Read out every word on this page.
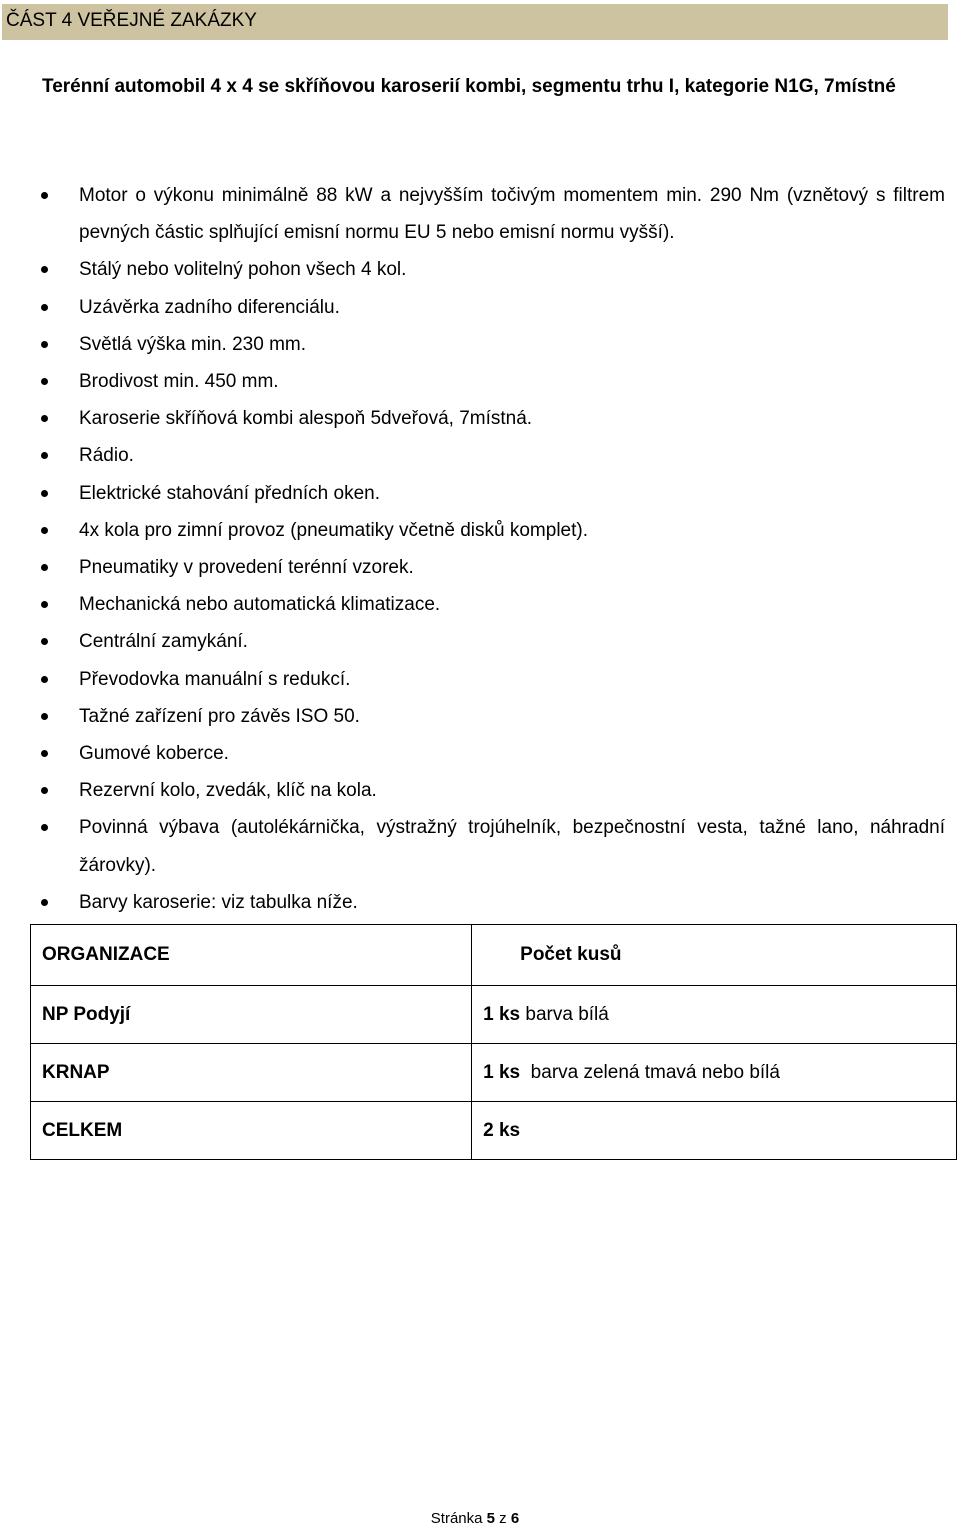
ČÁST 4 VEŘEJNÉ ZAKÁZKY
Terénní automobil 4 x 4 se skříňovou karoserií kombi, segmentu trhu I, kategorie N1G, 7místné
Motor o výkonu minimálně 88 kW a nejvyšším točivým momentem min. 290 Nm (vznětový s filtrem pevných částic splňující emisní normu EU 5 nebo emisní normu vyšší).
Stálý nebo volitelný pohon všech 4 kol.
Uzávěrka zadního diferenciálu.
Světlá výška min. 230 mm.
Brodivost min. 450 mm.
Karoserie skříňová kombi alespoň 5dveřová, 7místná.
Rádio.
Elektrické stahování předních oken.
4x kola pro zimní provoz (pneumatiky včetně disků komplet).
Pneumatiky v provedení terénní vzorek.
Mechanická nebo automatická klimatizace.
Centrální zamykání.
Převodovka manuální s redukcí.
Tažné zařízení pro závěs ISO 50.
Gumové koberce.
Rezervní kolo, zvedák, klíč na kola.
Povinná výbava (autolékárnička, výstražný trojúhelník, bezpečnostní vesta, tažné lano, náhradní žárovky).
Barvy karoserie: viz tabulka níže.
ORGANIZACE	Počet kusů
NP Podyjí	1 ks barva bílá
KRNAP	1 ks  barva zelená tmavá nebo bílá
CELKEM	2 ks
Stránka 5 z 6
